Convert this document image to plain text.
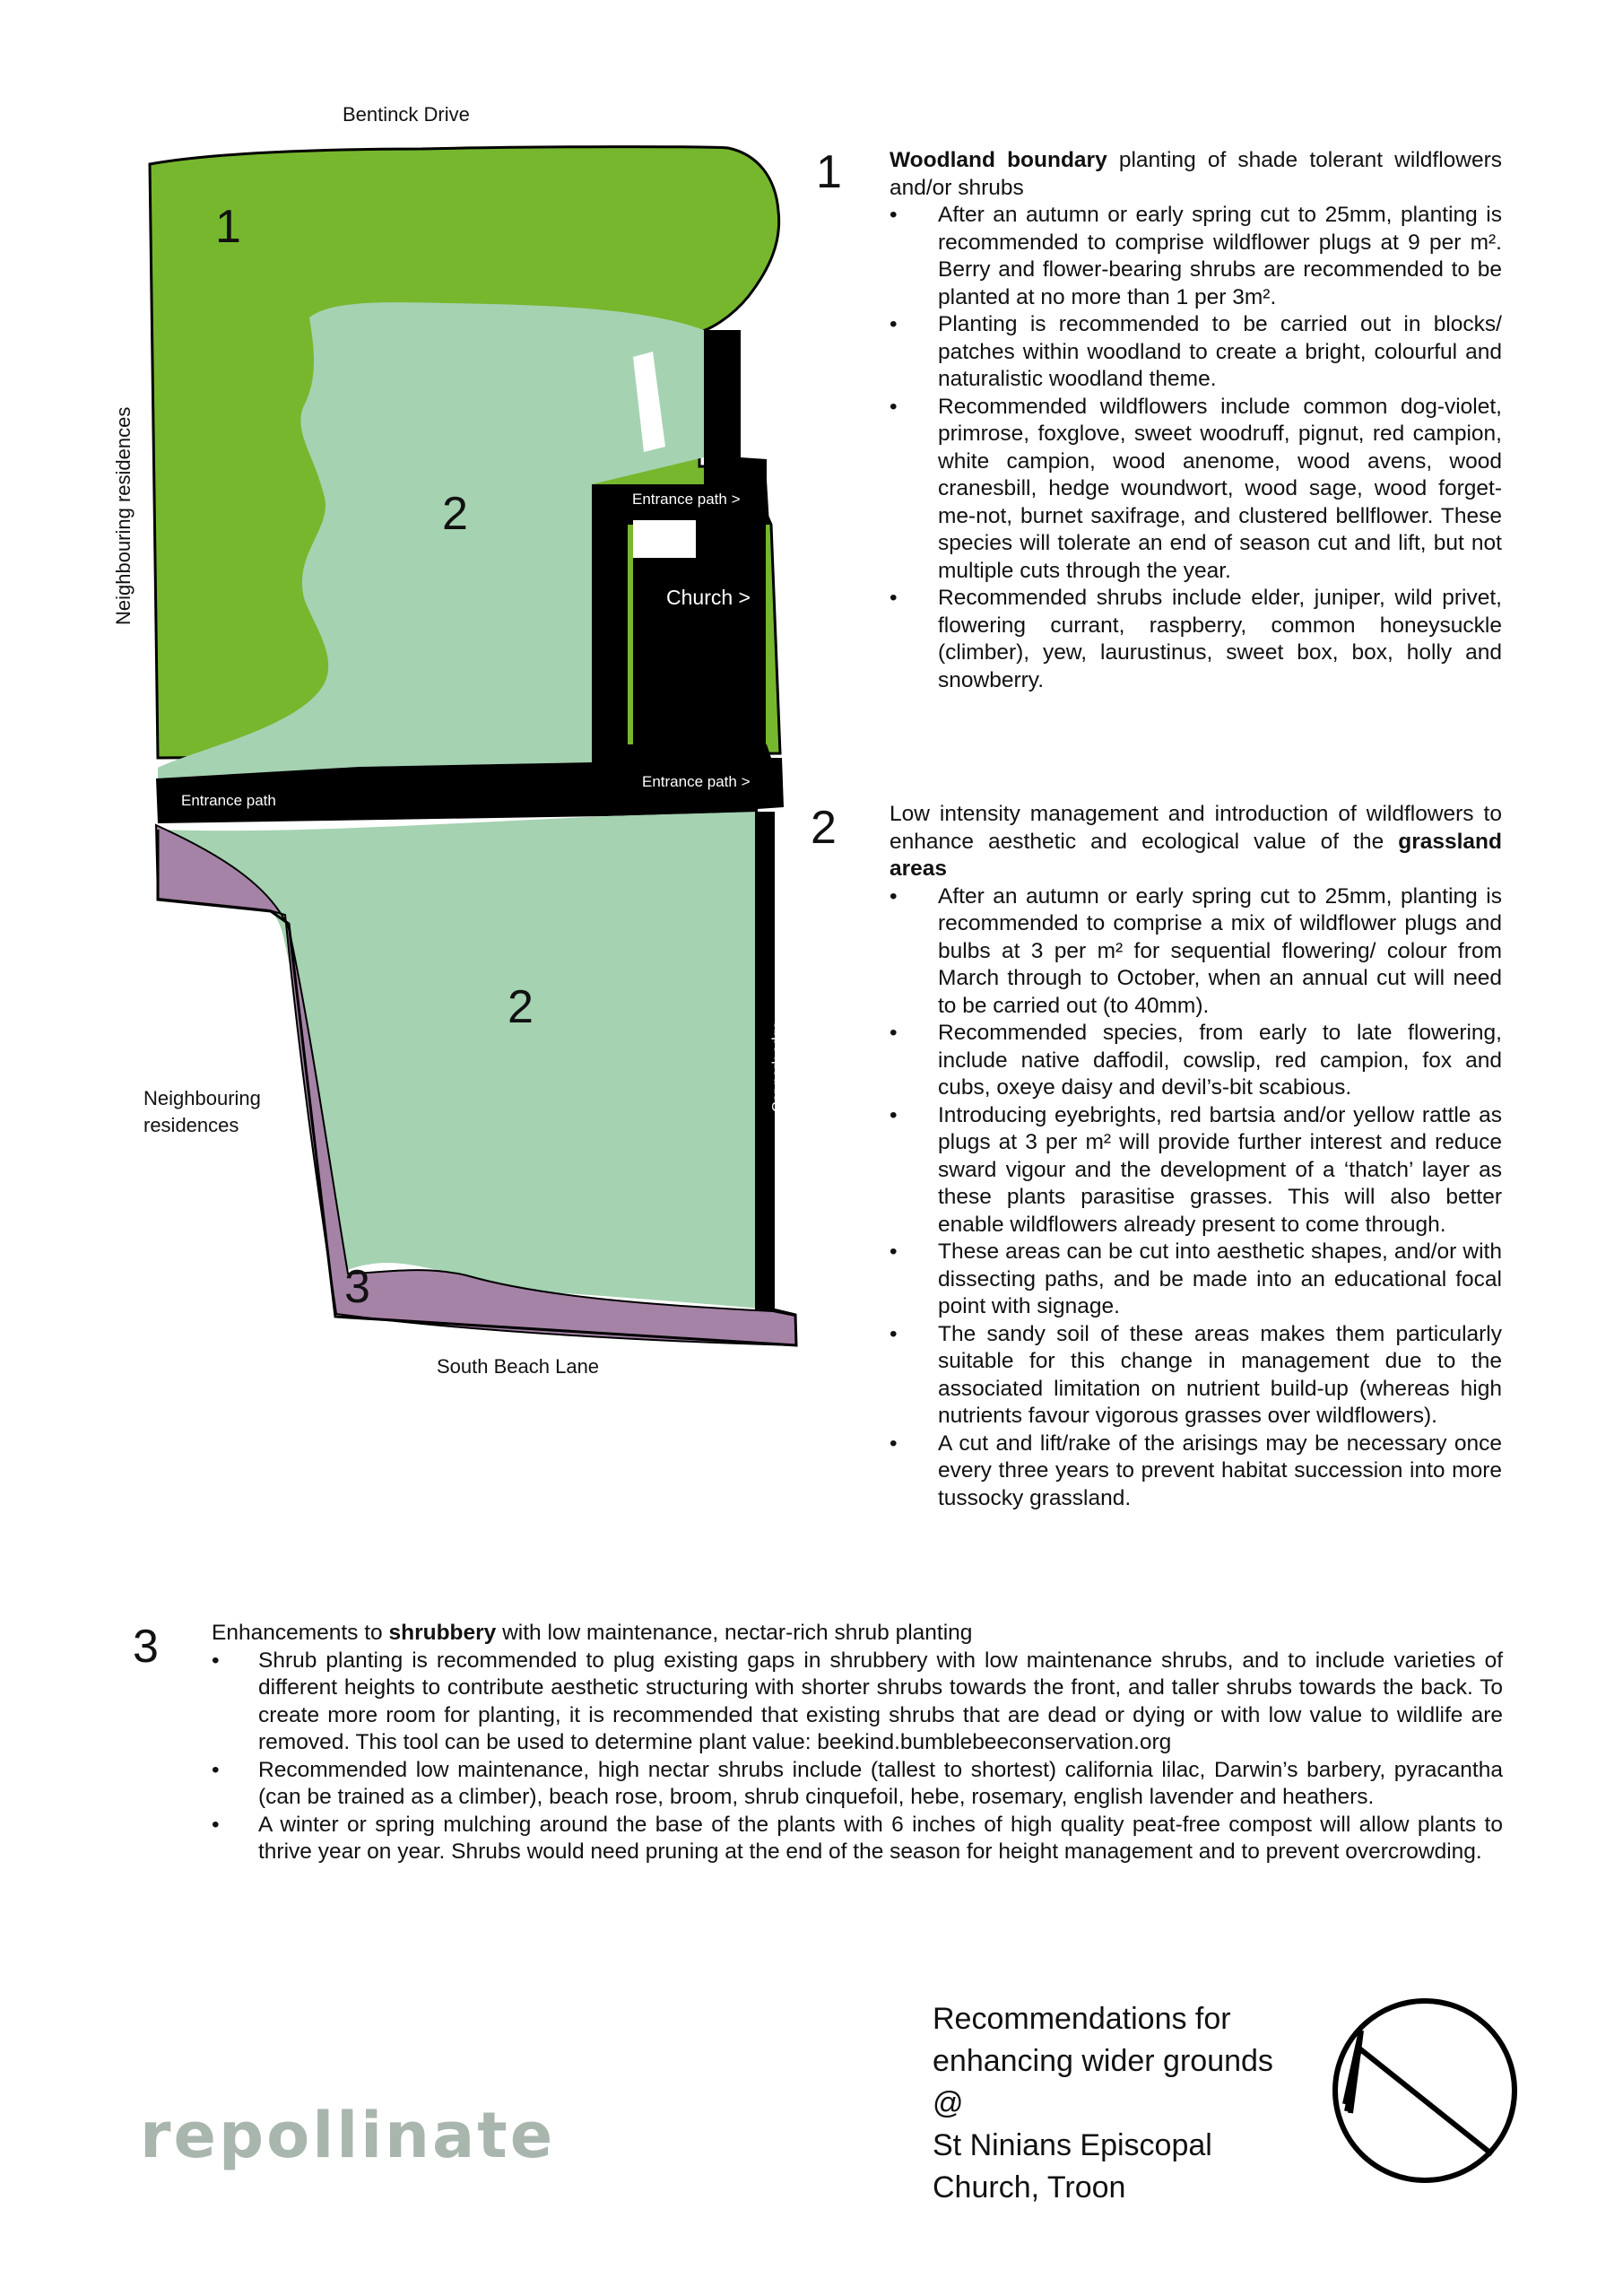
Bentinck Drive
South Beach Lane
Neighbouring residences
Neighbouring
residences
Entrance path >
Entrance path >
Entrance path
Church >
Car park edge
1
2
2
3
1 Woodland boundary planting of shade tolerant wildflowers and/or shrubs
• After an autumn or early spring cut to 25mm, planting is recommended to comprise wildflower plugs at 9 per m². Berry and flower-bearing shrubs are recommended to be planted at no more than 1 per 3m².
• Planting is recommended to be carried out in blocks/ patches within woodland to create a bright, colourful and naturalistic woodland theme.
• Recommended wildflowers include common dog-violet, primrose, foxglove, sweet woodruff, pignut, red campion, white campion, wood anenome, wood avens, wood cranesbill, hedge woundwort, wood sage, wood forget-me-not, burnet saxifrage, and clustered bellflower. These species will tolerate an end of season cut and lift, but not multiple cuts through the year.
• Recommended shrubs include elder, juniper, wild privet, flowering currant, raspberry, common honeysuckle (climber), yew, laurustinus, sweet box, box, holly and snowberry.
2 Low intensity management and introduction of wildflowers to enhance aesthetic and ecological value of the grassland areas
• After an autumn or early spring cut to 25mm, planting is recommended to comprise a mix of wildflower plugs and bulbs at 3 per m² for sequential flowering/ colour from March through to October, when an annual cut will need to be carried out (to 40mm).
• Recommended species, from early to late flowering, include native daffodil, cowslip, red campion, fox and cubs, oxeye daisy and devil’s-bit scabious.
• Introducing eyebrights, red bartsia and/or yellow rattle as plugs at 3 per m² will provide further interest and reduce sward vigour and the development of a ‘thatch’ layer as these plants parasitise grasses. This will also better enable wildflowers already present to come through.
• These areas can be cut into aesthetic shapes, and/or with dissecting paths, and be made into an educational focal point with signage.
• The sandy soil of these areas makes them particularly suitable for this change in management due to the associated limitation on nutrient build-up (whereas high nutrients favour vigorous grasses over wildflowers).
• A cut and lift/rake of the arisings may be necessary once every three years to prevent habitat succession into more tussocky grassland.
3 Enhancements to shrubbery with low maintenance, nectar-rich shrub planting
• Shrub planting is recommended to plug existing gaps in shrubbery with low maintenance shrubs, and to include varieties of different heights to contribute aesthetic structuring with shorter shrubs towards the front, and taller shrubs towards the back. To create more room for planting, it is recommended that existing shrubs that are dead or dying or with low value to wildlife are removed. This tool can be used to determine plant value: beekind.bumblebeeconservation.org
• Recommended low maintenance, high nectar shrubs include (tallest to shortest) california lilac, Darwin’s barbery, pyracantha (can be trained as a climber), beach rose, broom, shrub cinquefoil, hebe, rosemary, english lavender and heathers.
• A winter or spring mulching around the base of the plants with 6 inches of high quality peat-free compost will allow plants to thrive year on year. Shrubs would need pruning at the end of the season for height management and to prevent overcrowding.
Recommendations for
enhancing wider grounds
@
St Ninians Episcopal
Church, Troon
repollinate
